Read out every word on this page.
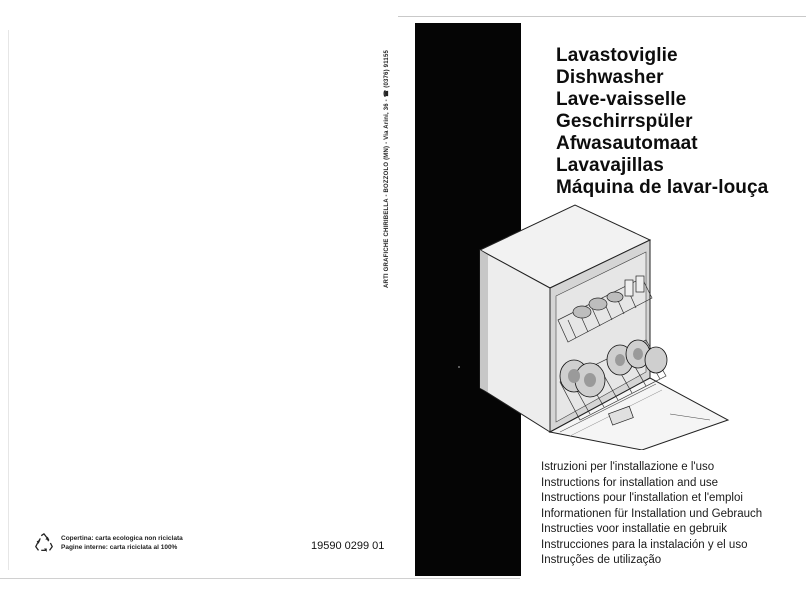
Lavastoviglie
Dishwasher
Lave-vaisselle
Geschirrspüler
Afwasautomaat
Lavavajillas
Máquina de lavar-louça
Istruzioni per l'installazione e l'uso
Instructions for installation and use
Instructions pour l'installation et l'emploi
Informationen für Installation und Gebrauch
Instructies voor installatie en gebruik
Instrucciones para la instalación y el uso
Instruções de utilização
ARTI GRAFICHE CHIRIBELLA - BOZZOLO (MN) - Via Arini, 36 - ☎ (0376) 91155
19590 0299 01
Copertina: carta ecologica non riciclata
Pagine interne: carta riciclata al 100%
